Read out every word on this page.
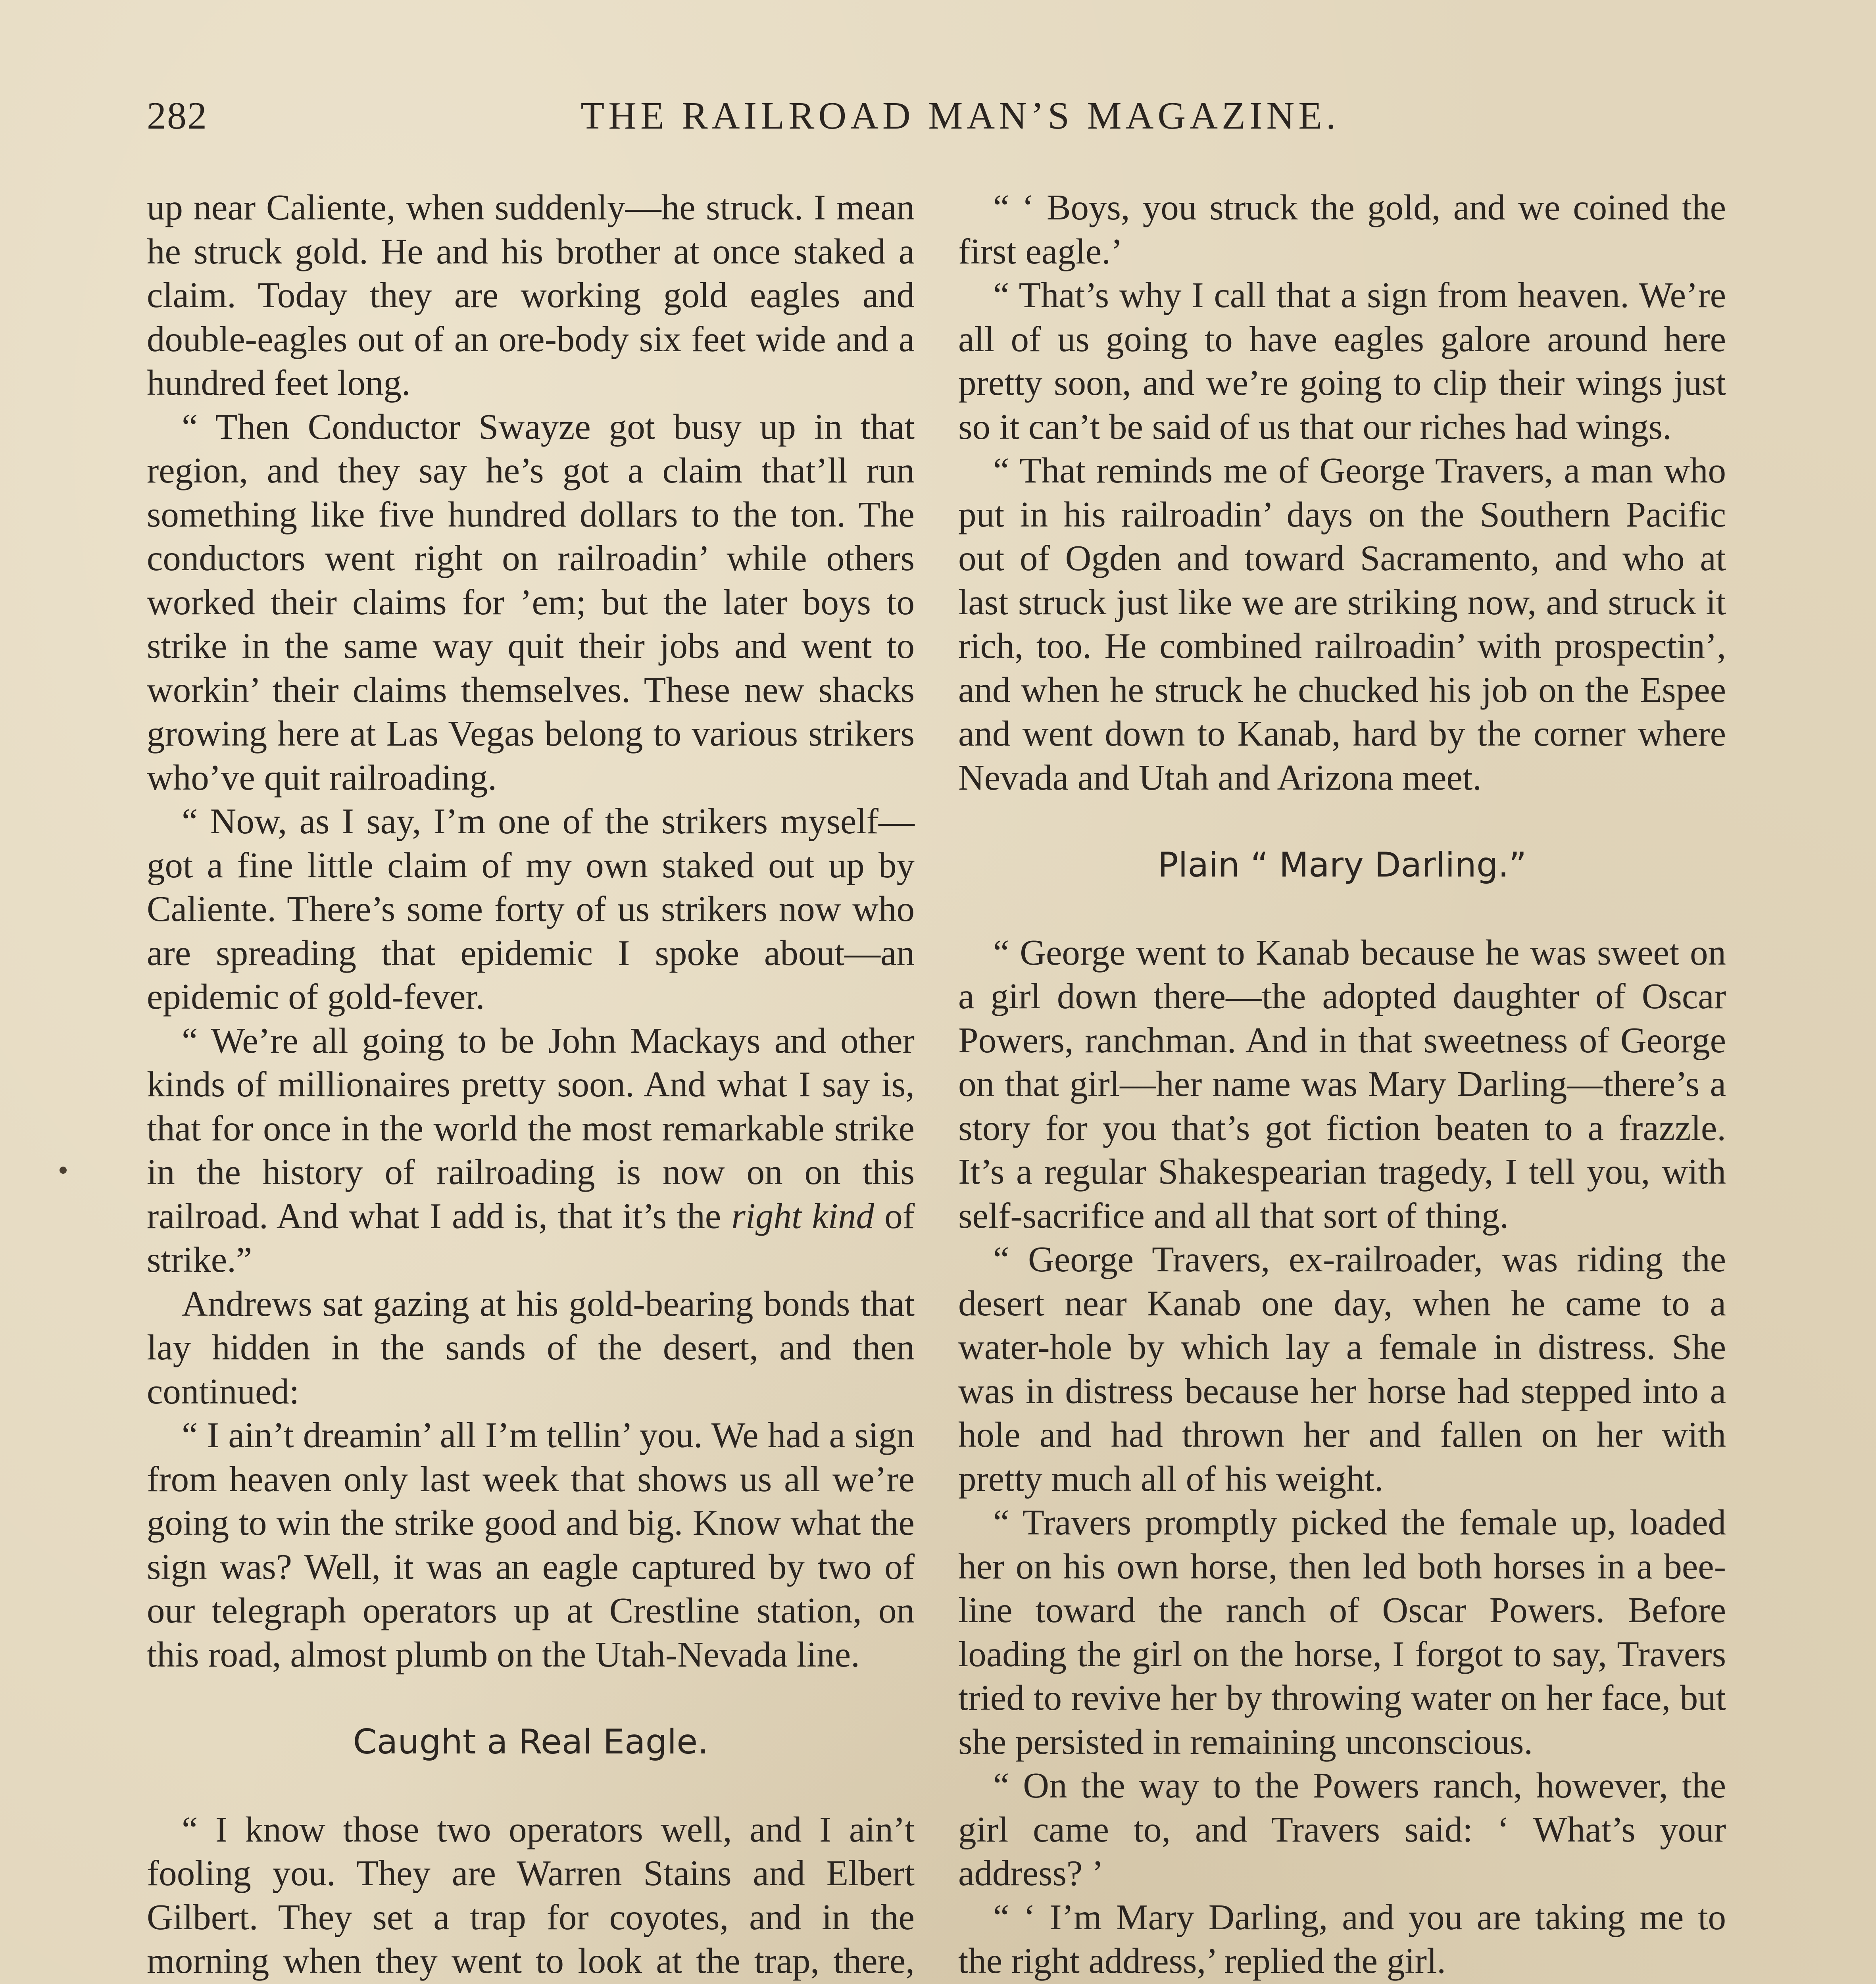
282	THE RAILROAD MAN’S MAGAZINE.

up near Caliente, when suddenly—he struck. I mean he struck gold. He and his brother at once staked a claim. Today they are working gold eagles and double-eagles out of an ore-body six feet wide and a hundred feet long.

“ Then Conductor Swayze got busy up in that region, and they say he’s got a claim that’ll run something like five hundred dollars to the ton. The conductors went right on railroadin’ while others worked their claims for ’em; but the later boys to strike in the same way quit their jobs and went to workin’ their claims themselves. These new shacks growing here at Las Vegas belong to various strikers who’ve quit railroading.

“ Now, as I say, I’m one of the strikers myself—got a fine little claim of my own staked out up by Caliente. There’s some forty of us strikers now who are spreading that epidemic I spoke about—an epidemic of gold-fever.

“ We’re all going to be John Mackays and other kinds of millionaires pretty soon. And what I say is, that for once in the world the most remarkable strike in the history of railroading is now on on this railroad. And what I add is, that it’s the right kind of strike.”

Andrews sat gazing at his gold-bearing bonds that lay hidden in the sands of the desert, and then continued:

“ I ain’t dreamin’ all I’m tellin’ you. We had a sign from heaven only last week that shows us all we’re going to win the strike good and big. Know what the sign was? Well, it was an eagle captured by two of our telegraph operators up at Crestline station, on this road, almost plumb on the Utah-Nevada line.

Caught a Real Eagle.

“ I know those two operators well, and I ain’t fooling you. They are Warren Stains and Elbert Gilbert. They set a trap for coyotes, and in the morning when they went to look at the trap, there,

“ ‘ Boys, you struck the gold, and we coined the first eagle.’

“ That’s why I call that a sign from heaven. We’re all of us going to have eagles galore around here pretty soon, and we’re going to clip their wings just so it can’t be said of us that our riches had wings.

“ That reminds me of George Travers, a man who put in his railroadin’ days on the Southern Pacific out of Ogden and toward Sacramento, and who at last struck just like we are striking now, and struck it rich, too. He combined railroadin’ with prospectin’, and when he struck he chucked his job on the Espee and went down to Kanab, hard by the corner where Nevada and Utah and Arizona meet.

Plain “ Mary Darling.”

“ George went to Kanab because he was sweet on a girl down there—the adopted daughter of Oscar Powers, ranchman. And in that sweetness of George on that girl—her name was Mary Darling—there’s a story for you that’s got fiction beaten to a frazzle. It’s a regular Shakespearian tragedy, I tell you, with self-sacrifice and all that sort of thing.

“ George Travers, ex-railroader, was riding the desert near Kanab one day, when he came to a water-hole by which lay a female in distress. She was in distress because her horse had stepped into a hole and had thrown her and fallen on her with pretty much all of his weight.

“ Travers promptly picked the female up, loaded her on his own horse, then led both horses in a bee-line toward the ranch of Oscar Powers. Before loading the girl on the horse, I forgot to say, Travers tried to revive her by throwing water on her face, but she persisted in remaining unconscious.

“ On the way to the Powers ranch, however, the girl came to, and Travers said: ‘ What’s your address? ’

“ ‘ I’m Mary Darling, and you are taking me to the right address,’ replied the girl.
